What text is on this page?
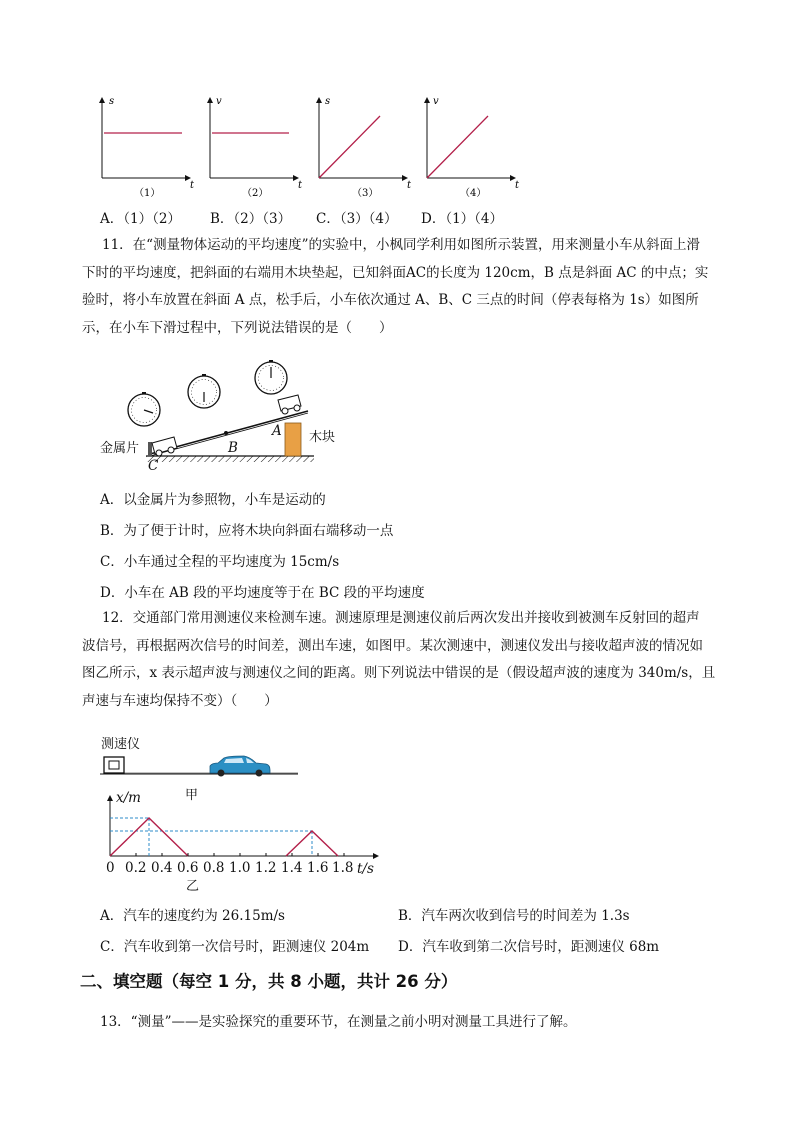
s
t
（1）
v
t
（2）
s
t
（3）
v
t
（4）
A．（1）（2） B．（2）（3） C．（3）（4） D．（1）（4）
11．在“测量物体运动的平均速度”的实验中，小枫同学利用如图所示装置，用来测量小车从斜面上滑
下时的平均速度，把斜面的右端用木块垫起，已知斜面AC的长度为 120cm，B 点是斜面 AC 的中点；实
验时，将小车放置在斜面 A 点，松手后，小车依次通过 A、B、C 三点的时间（停表每格为 1s）如图所
示，在小车下滑过程中，下列说法错误的是（　　）
金属片
木块
A
B
C
A．以金属片为参照物，小车是运动的
B．为了便于计时，应将木块向斜面右端移动一点
C．小车通过全程的平均速度为 15cm/s
D．小车在 AB 段的平均速度等于在 BC 段的平均速度
12．交通部门常用测速仪来检测车速。测速原理是测速仪前后两次发出并接收到被测车反射回的超声
波信号，再根据两次信号的时间差，测出车速，如图甲。某次测速中，测速仪发出与接收超声波的情况如
图乙所示，x 表示超声波与测速仪之间的距离。则下列说法中错误的是（假设超声波的速度为 340m/s，且
声速与车速均保持不变）（　　）
测速仪
甲
x/m
0 0.2 0.4 0.6 0.8 1.0 1.2 1.4 1.6 1.8 t/s
乙
A．汽车的速度约为 26.15m/s	B．汽车两次收到信号的时间差为 1.3s
C．汽车收到第一次信号时，距测速仪 204m D．汽车收到第二次信号时，距测速仪 68m
二、填空题（每空 1 分，共 8 小题，共计 26 分）
13．“测量”——是实验探究的重要环节，在测量之前小明对测量工具进行了解。
